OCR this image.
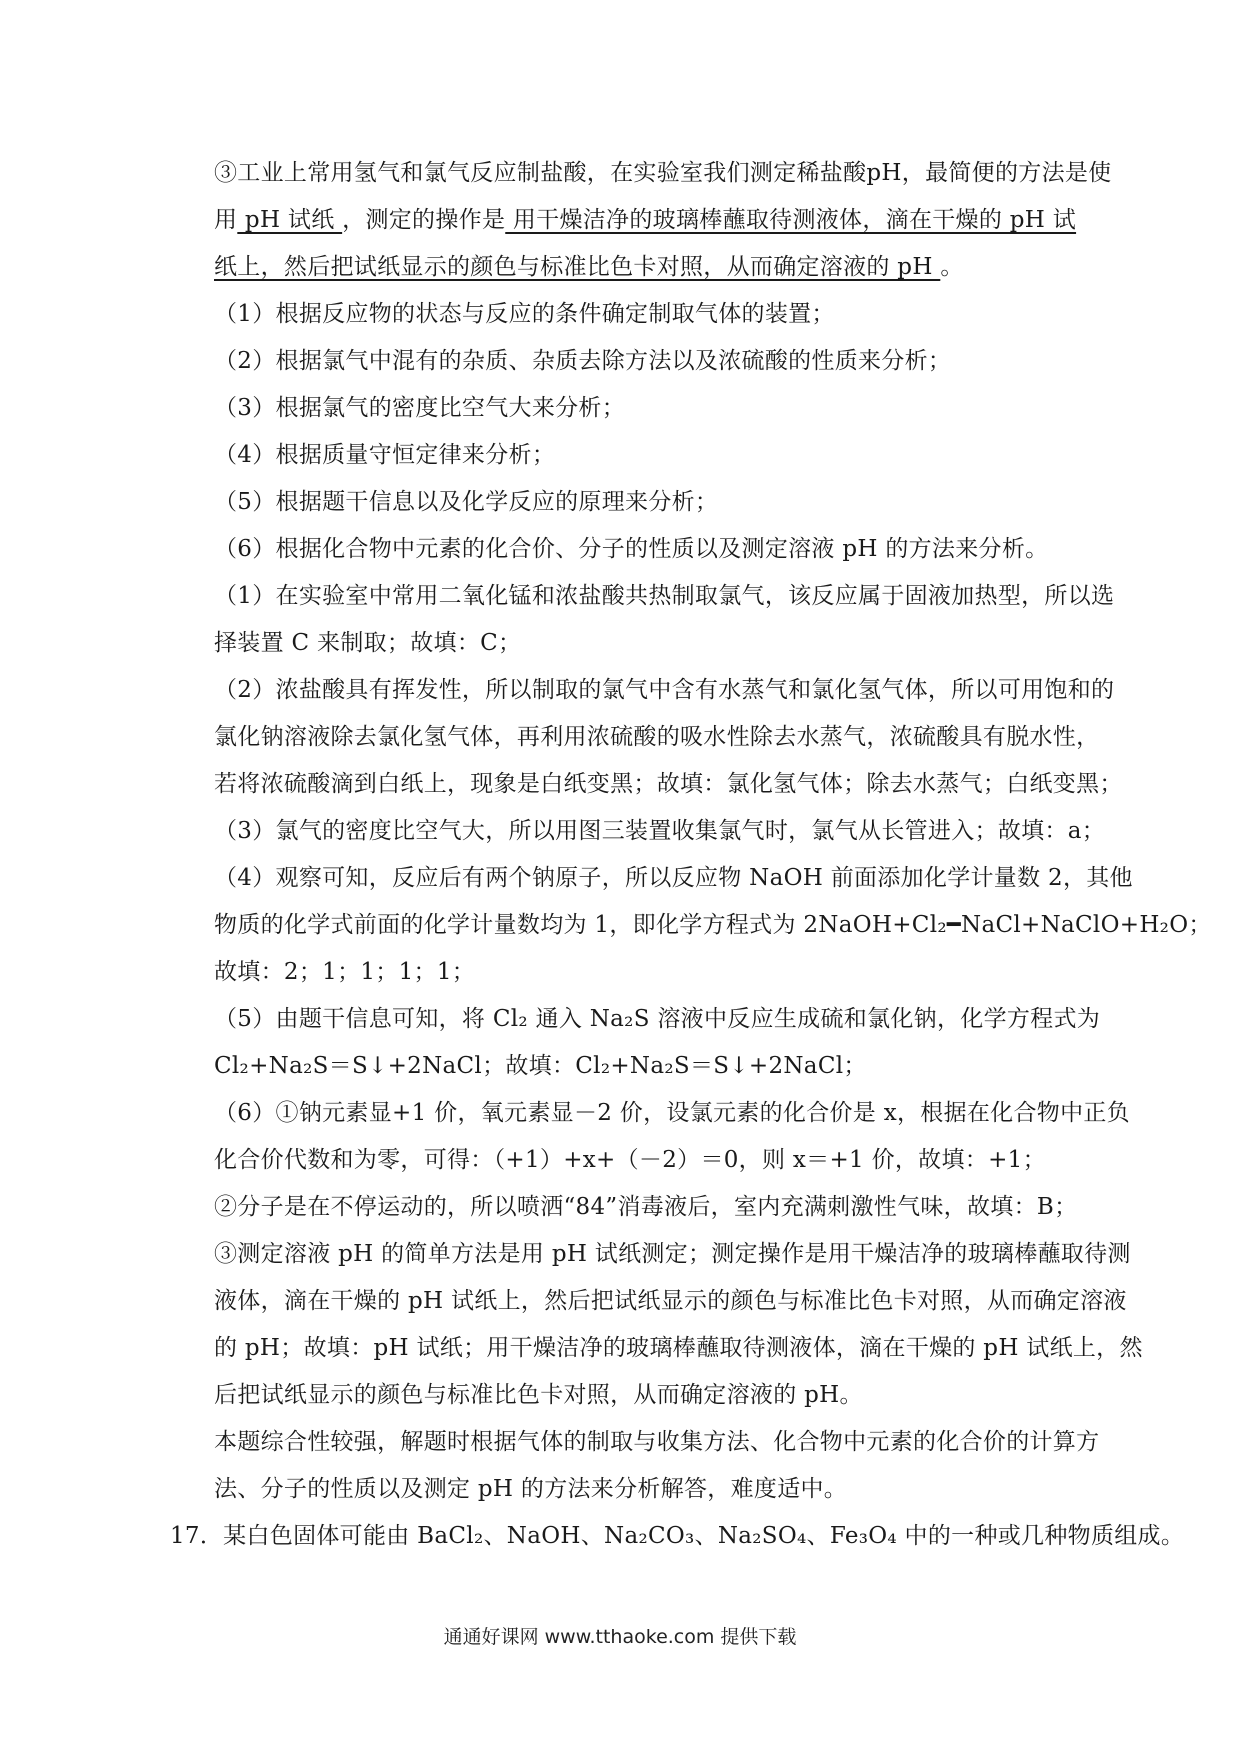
③工业上常用氢气和氯气反应制盐酸，在实验室我们测定稀盐酸pH，最简便的方法是使
用 pH 试纸 ，测定的操作是 用干燥洁净的玻璃棒蘸取待测液体，滴在干燥的 pH 试
纸上，然后把试纸显示的颜色与标准比色卡对照，从而确定溶液的 pH 。
（1）根据反应物的状态与反应的条件确定制取气体的装置；
（2）根据氯气中混有的杂质、杂质去除方法以及浓硫酸的性质来分析；
（3）根据氯气的密度比空气大来分析；
（4）根据质量守恒定律来分析；
（5）根据题干信息以及化学反应的原理来分析；
（6）根据化合物中元素的化合价、分子的性质以及测定溶液 pH 的方法来分析。
（1）在实验室中常用二氧化锰和浓盐酸共热制取氯气，该反应属于固液加热型，所以选
择装置 C 来制取；故填：C；
（2）浓盐酸具有挥发性，所以制取的氯气中含有水蒸气和氯化氢气体，所以可用饱和的
氯化钠溶液除去氯化氢气体，再利用浓硫酸的吸水性除去水蒸气，浓硫酸具有脱水性，
若将浓硫酸滴到白纸上，现象是白纸变黑；故填：氯化氢气体；除去水蒸气；白纸变黑；
（3）氯气的密度比空气大，所以用图三装置收集氯气时，氯气从长管进入；故填：a；
（4）观察可知，反应后有两个钠原子，所以反应物 NaOH 前面添加化学计量数 2，其他
物质的化学式前面的化学计量数均为 1，即化学方程式为 2NaOH+Cl₂━NaCl+NaClO+H₂O；
故填：2；1；1；1；1；
（5）由题干信息可知，将 Cl₂ 通入 Na₂S 溶液中反应生成硫和氯化钠，化学方程式为
Cl₂+Na₂S＝S↓+2NaCl；故填：Cl₂+Na₂S＝S↓+2NaCl；
（6）①钠元素显+1 价，氧元素显－2 价，设氯元素的化合价是 x，根据在化合物中正负
化合价代数和为零，可得：（+1）+x+（－2）＝0，则 x＝+1 价，故填：+1；
②分子是在不停运动的，所以喷洒“84”消毒液后，室内充满刺激性气味，故填：B；
③测定溶液 pH 的简单方法是用 pH 试纸测定；测定操作是用干燥洁净的玻璃棒蘸取待测
液体，滴在干燥的 pH 试纸上，然后把试纸显示的颜色与标准比色卡对照，从而确定溶液
的 pH；故填：pH 试纸；用干燥洁净的玻璃棒蘸取待测液体，滴在干燥的 pH 试纸上，然
后把试纸显示的颜色与标准比色卡对照，从而确定溶液的 pH。
本题综合性较强，解题时根据气体的制取与收集方法、化合物中元素的化合价的计算方
法、分子的性质以及测定 pH 的方法来分析解答，难度适中。
17．某白色固体可能由 BaCl₂、NaOH、Na₂CO₃、Na₂SO₄、Fe₃O₄ 中的一种或几种物质组成。
通通好课网 www.tthaoke.com 提供下载
